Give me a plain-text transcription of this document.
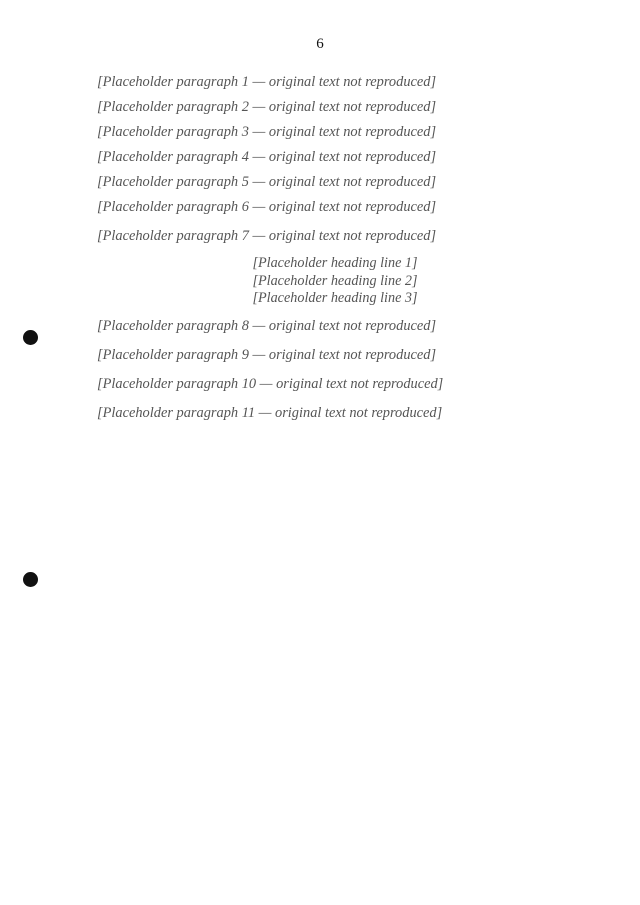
6

[Placeholder paragraph 1 — original text not reproduced]

[Placeholder paragraph 2 — original text not reproduced]

[Placeholder paragraph 3 — original text not reproduced]

[Placeholder paragraph 4 — original text not reproduced]

[Placeholder paragraph 5 — original text not reproduced]

[Placeholder paragraph 6 — original text not reproduced]

[Placeholder paragraph 7 — original text not reproduced]

[Placeholder heading line 1]
[Placeholder heading line 2]
[Placeholder heading line 3]

[Placeholder paragraph 8 — original text not reproduced]

[Placeholder paragraph 9 — original text not reproduced]

[Placeholder paragraph 10 — original text not reproduced]

[Placeholder paragraph 11 — original text not reproduced]
